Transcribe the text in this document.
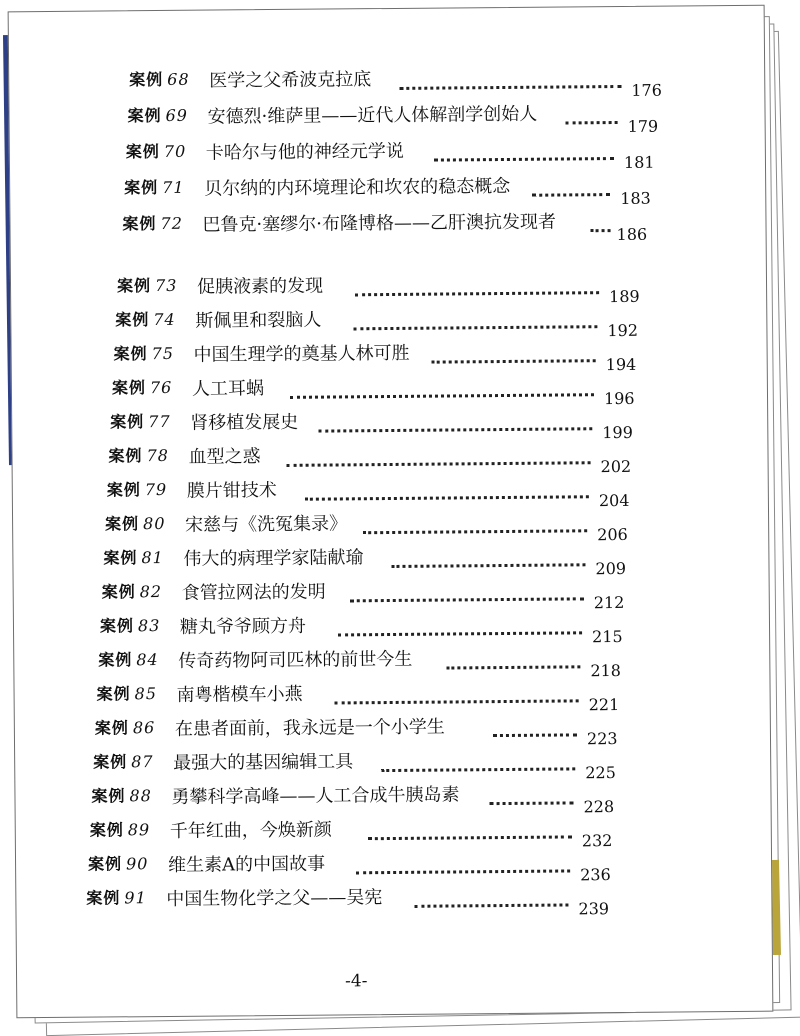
案例 68 医学之父希波克拉底	176
案例 69 安德烈·维萨里——近代人体解剖学创始人	179
案例 70 卡哈尔与他的神经元学说	181
案例 71 贝尔纳的内环境理论和坎农的稳态概念	183
案例 72 巴鲁克·塞缪尔·布隆博格——乙肝澳抗发现者	186
案例 73 促胰液素的发现	189
案例 74 斯佩里和裂脑人	192
案例 75 中国生理学的奠基人林可胜	194
案例 76 人工耳蜗	196
案例 77 肾移植发展史	199
案例 78 血型之惑	202
案例 79 膜片钳技术	204
案例 80 宋慈与《洗冤集录》	206
案例 81 伟大的病理学家陆献瑜	209
案例 82 食管拉网法的发明	212
案例 83 糖丸爷爷顾方舟	215
案例 84 传奇药物阿司匹林的前世今生	218
案例 85 南粤楷模车小燕	221
案例 86 在患者面前，我永远是一个小学生	223
案例 87 最强大的基因编辑工具	225
案例 88 勇攀科学高峰——人工合成牛胰岛素	228
案例 89 千年红曲，今焕新颜	232
案例 90 维生素A的中国故事	236
案例 91 中国生物化学之父——吴宪	239
-4-
